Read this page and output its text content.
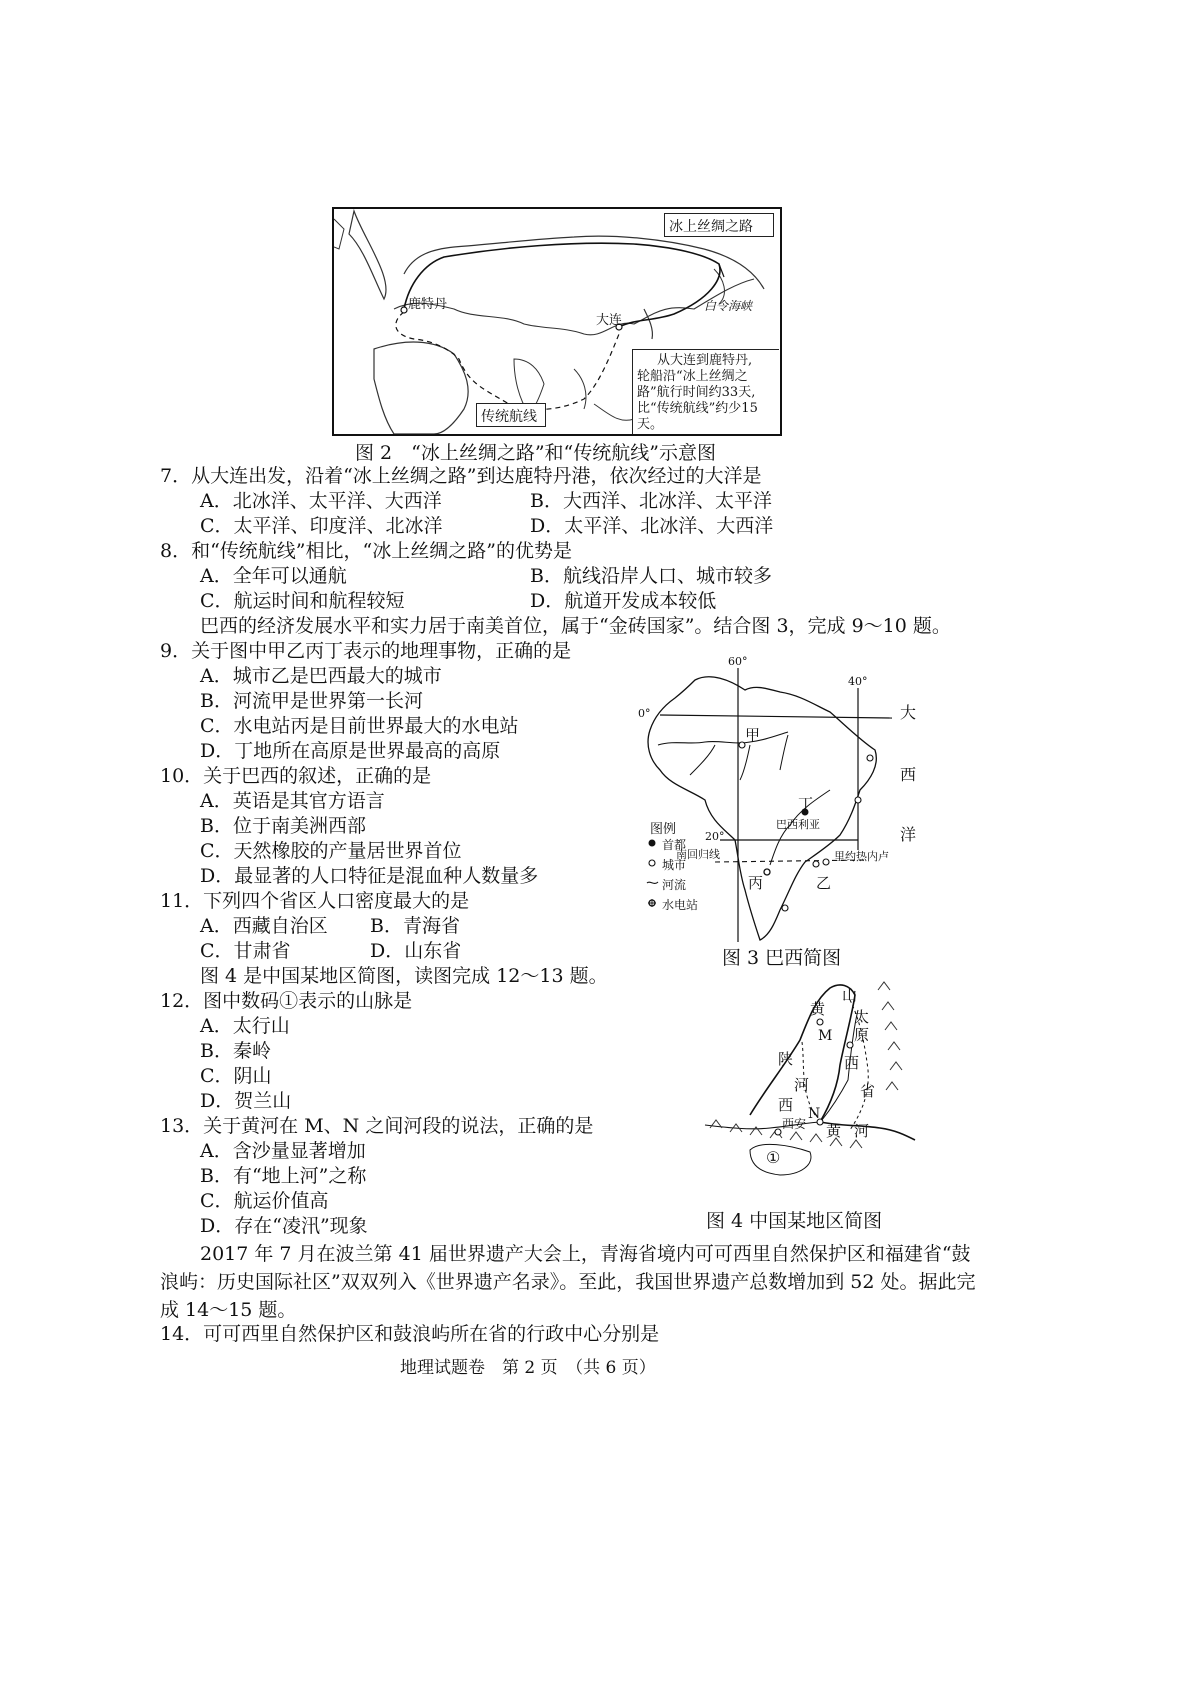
冰上丝绸之路
鹿特丹
大连
白令海峡
传统航线
从大连到鹿特丹,
轮船沿“冰上丝绸之
路”航行时间约33天,
比“传统航线”约少15
天。
图 2　“冰上丝绸之路”和“传统航线”示意图
7．从大连出发，沿着“冰上丝绸之路”到达鹿特丹港，依次经过的大洋是
A．北冰洋、太平洋、大西洋	B．大西洋、北冰洋、太平洋
C．太平洋、印度洋、北冰洋	D．太平洋、北冰洋、大西洋
8．和“传统航线”相比，“冰上丝绸之路”的优势是
A．全年可以通航	B．航线沿岸人口、城市较多
C．航运时间和航程较短	D．航道开发成本较低
巴西的经济发展水平和实力居于南美首位，属于“金砖国家”。结合图 3，完成 9～10 题。
9．关于图中甲乙丙丁表示的地理事物，正确的是
A．城市乙是巴西最大的城市
B．河流甲是世界第一长河
C．水电站丙是目前世界最大的水电站
D．丁地所在高原是世界最高的高原
10．关于巴西的叙述，正确的是
A．英语是其官方语言
B．位于南美洲西部
C．天然橡胶的产量居世界首位
D．最显著的人口特征是混血种人数量多
11．下列四个省区人口密度最大的是
A．西藏自治区 B．青海省
C．甘肃省	D．山东省
60°
40°
0°
20°
甲
丁
巴西利亚
南回归线	里约热内卢
丙	乙
大
西
洋
图例
首都
城市
河流
水电站
图 3 巴西简图
图 4 是中国某地区简图，读图完成 12～13 题。
12．图中数码①表示的山脉是
A．太行山
B．秦岭
C．阴山
D．贺兰山
13．关于黄河在 M、N 之间河段的说法，正确的是
A．含沙量显著增加
B．有“地上河”之称
C．航运价值高
D．存在“凌汛”现象
黄
M
N
陕
河
西
山
太
原
西
省
西安 黄 河
①
图 4 中国某地区简图
2017 年 7 月在波兰第 41 届世界遗产大会上，青海省境内可可西里自然保护区和福建省“鼓浪屿：历史国际社区”双双列入《世界遗产名录》。至此，我国世界遗产总数增加到 52 处。据此完成 14～15 题。
14．可可西里自然保护区和鼓浪屿所在省的行政中心分别是
地理试题卷　第 2 页　（共 6 页）
